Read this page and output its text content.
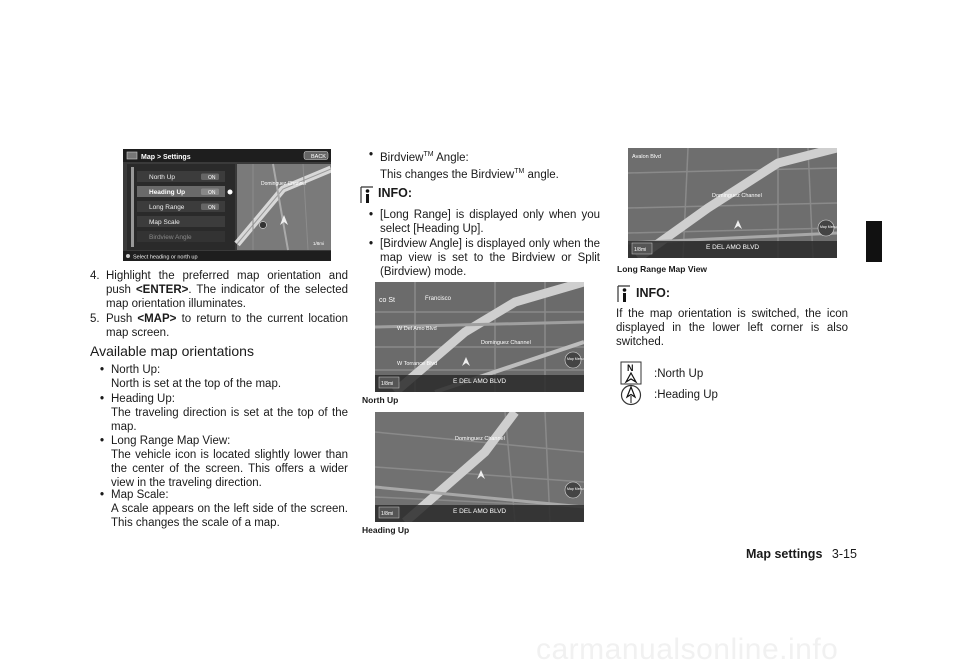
Map > Settings	BACK
North Up	ON
Heading Up	ON
Long Range	ON
Map Scale
Birdview Angle
Dominguez Channel
1/8mi
Select heading or north up
4. Highlight the preferred map orientation and push <ENTER>. The indicator of the selected map orientation illuminates.
5. Push <MAP> to return to the current location map screen.
Available map orientations
• North Up:
North is set at the top of the map.
• Heading Up:
The traveling direction is set at the top of the map.
• Long Range Map View:
The vehicle icon is located slightly lower than the center of the screen. This offers a wider view in the traveling direction.
• Map Scale:
A scale appears on the left side of the screen. This changes the scale of a map.
• Birdview™ Angle:
This changes the Birdview™ angle.
INFO:
• [Long Range] is displayed only when you select [Heading Up].
• [Birdview Angle] is displayed only when the map view is set to the Birdview or Split (Birdview) mode.
co St	Francisco
W Del Amo Blvd
W Torrance Blvd
Dominguez Channel
1/8mi	E DEL AMO BLVD
Map Menu
North Up
Dominguez Channel
1/8mi	E DEL AMO BLVD
Map Menu
Heading Up
Avalon Blvd
Dominguez Channel
1/8mi	E DEL AMO BLVD
Map Menu
Long Range Map View
INFO:
If the map orientation is switched, the icon displayed in the lower left corner is also switched.
N :North Up
:Heading Up
Map settings 3-15
carmanualsonline.info
